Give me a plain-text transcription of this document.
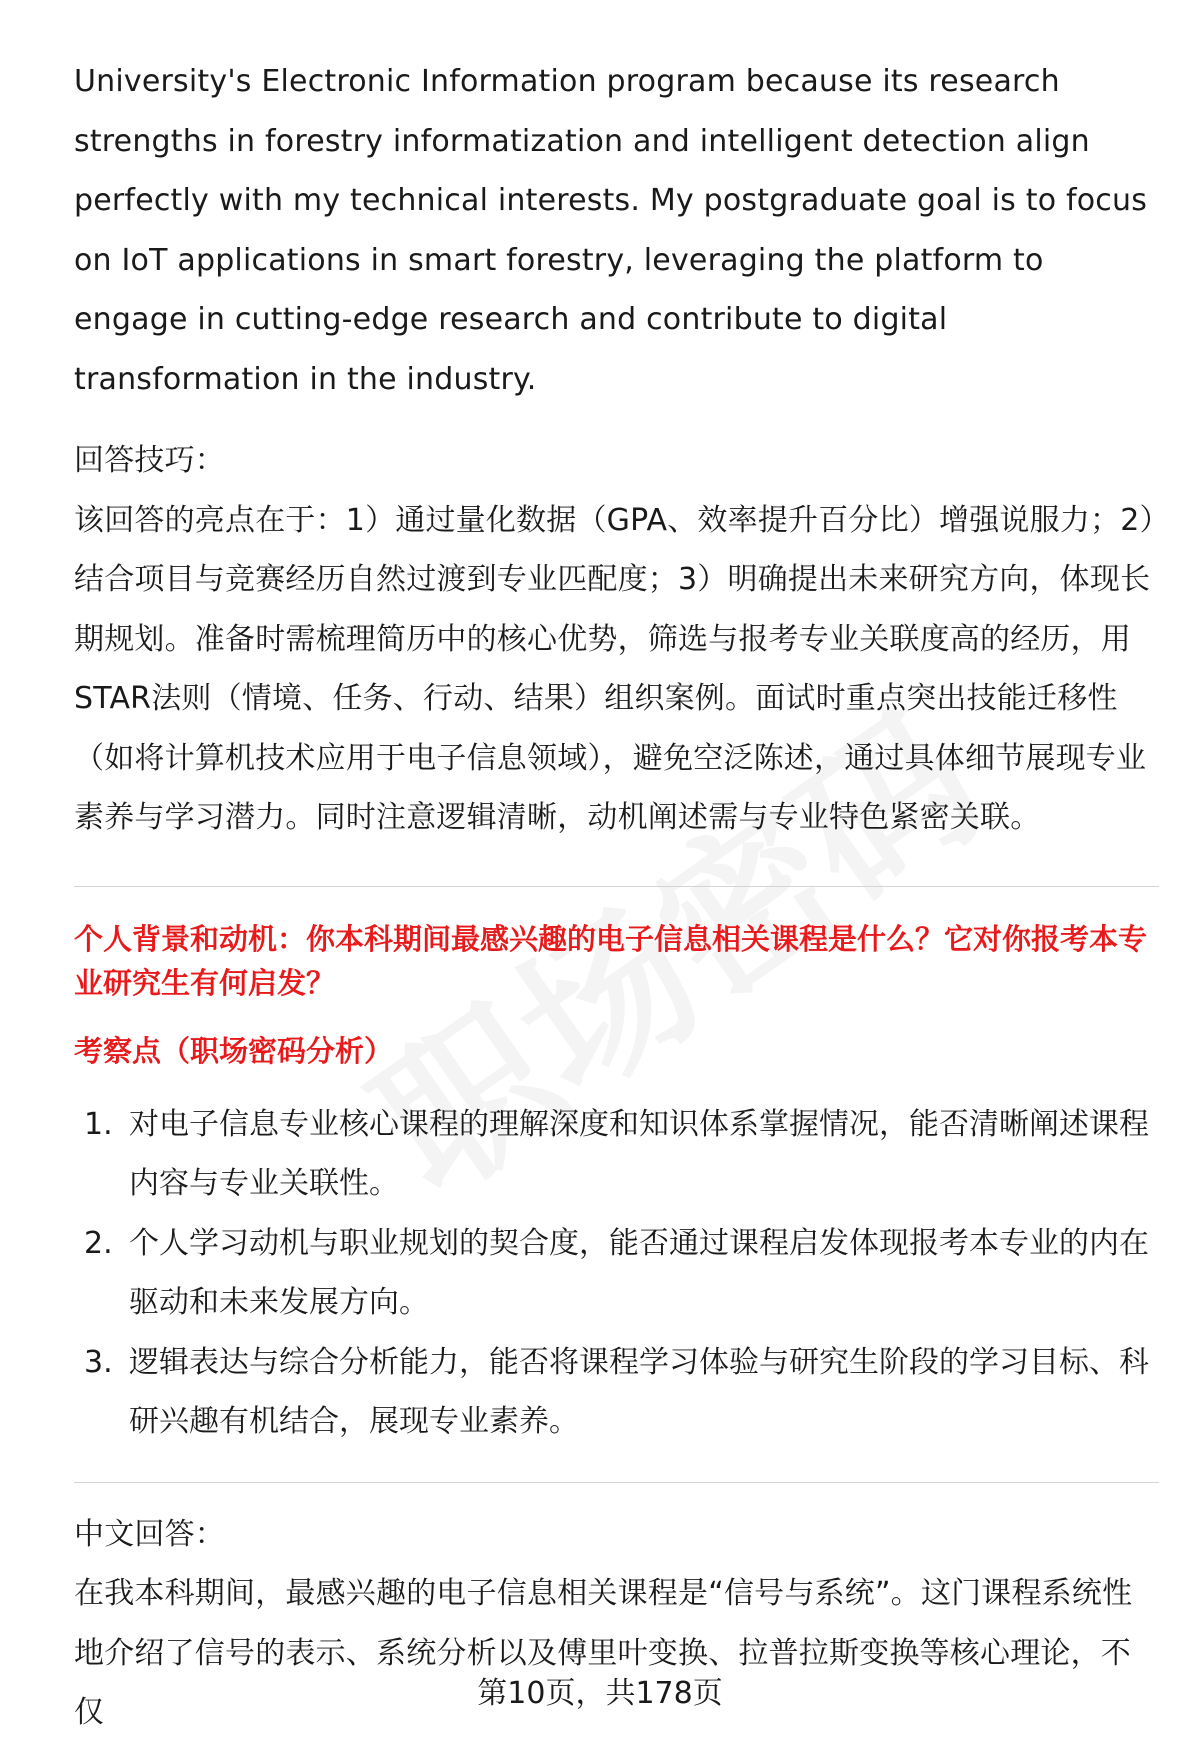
University's Electronic Information program because its research strengths in forestry informatization and intelligent detection align perfectly with my technical interests. My postgraduate goal is to focus on IoT applications in smart forestry, leveraging the platform to engage in cutting-edge research and contribute to digital transformation in the industry.

回答技巧：

该回答的亮点在于：1）通过量化数据（GPA、效率提升百分比）增强说服力；2）结合项目与竞赛经历自然过渡到专业匹配度；3）明确提出未来研究方向，体现长期规划。准备时需梳理简历中的核心优势，筛选与报考专业关联度高的经历，用STAR法则（情境、任务、行动、结果）组织案例。面试时重点突出技能迁移性（如将计算机技术应用于电子信息领域），避免空泛陈述，通过具体细节展现专业素养与学习潜力。同时注意逻辑清晰，动机阐述需与专业特色紧密关联。

个人背景和动机：你本科期间最感兴趣的电子信息相关课程是什么？它对你报考本专业研究生有何启发？

考察点（职场密码分析）

1. 对电子信息专业核心课程的理解深度和知识体系掌握情况，能否清晰阐述课程内容与专业关联性。
2. 个人学习动机与职业规划的契合度，能否通过课程启发体现报考本专业的内在驱动和未来发展方向。
3. 逻辑表达与综合分析能力，能否将课程学习体验与研究生阶段的学习目标、科研兴趣有机结合，展现专业素养。

中文回答：

在我本科期间，最感兴趣的电子信息相关课程是“信号与系统”。这门课程系统性地介绍了信号的表示、系统分析以及傅里叶变换、拉普拉斯变换等核心理论，不仅

第10页，共178页
